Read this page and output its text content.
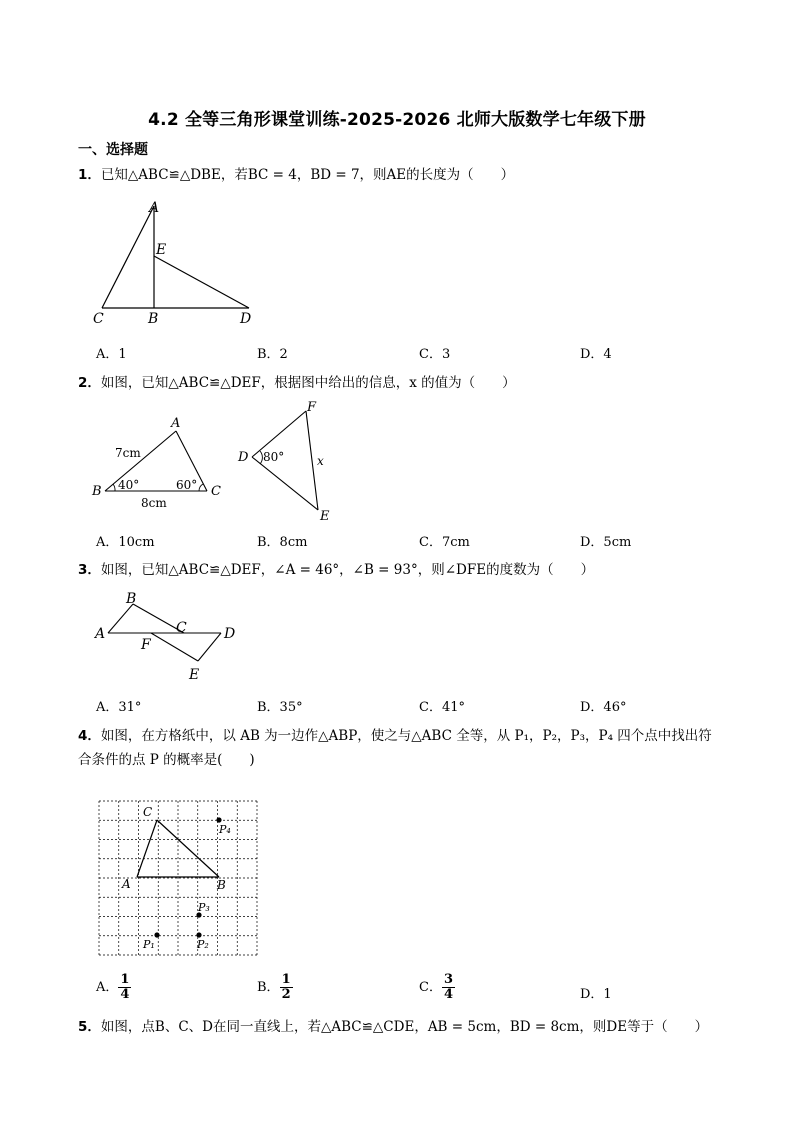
4.2 全等三角形课堂训练-2025-2026 北师大版数学七年级下册
一、选择题
1．已知△ABC≌△DBE，若BC = 4，BD = 7，则AE的长度为（　　）
A
E
C	B	D
A．1	B．2	C．3	D．4
2．如图，已知△ABC≌△DEF，根据图中给出的信息，x 的值为（　　）
A
B	C
7cm
8cm
40°	60°
D
F
E
80°	x
A．10cm	B．8cm	C．7cm	D．5cm
3．如图，已知△ABC≌△DEF，∠A = 46°，∠B = 93°，则∠DFE的度数为（　　）
A
B
C	D
F
E
A．31°	B．35°	C．41°	D．46°
4．如图，在方格纸中，以 AB 为一边作△ABP，使之与△ABC 全等，从 P₁，P₂，P₃，P₄ 四个点中找出符
合条件的点 P 的概率是(　　)
C
A	B
P₄
P₃
P₁	P₂
A． $\frac{1}{4}$	B． $\frac{1}{2}$	C． $\frac{3}{4}$	D．1
5．如图，点B、C、D在同一直线上，若△ABC≌△CDE，AB = 5cm，BD = 8cm，则DE等于（　　）
